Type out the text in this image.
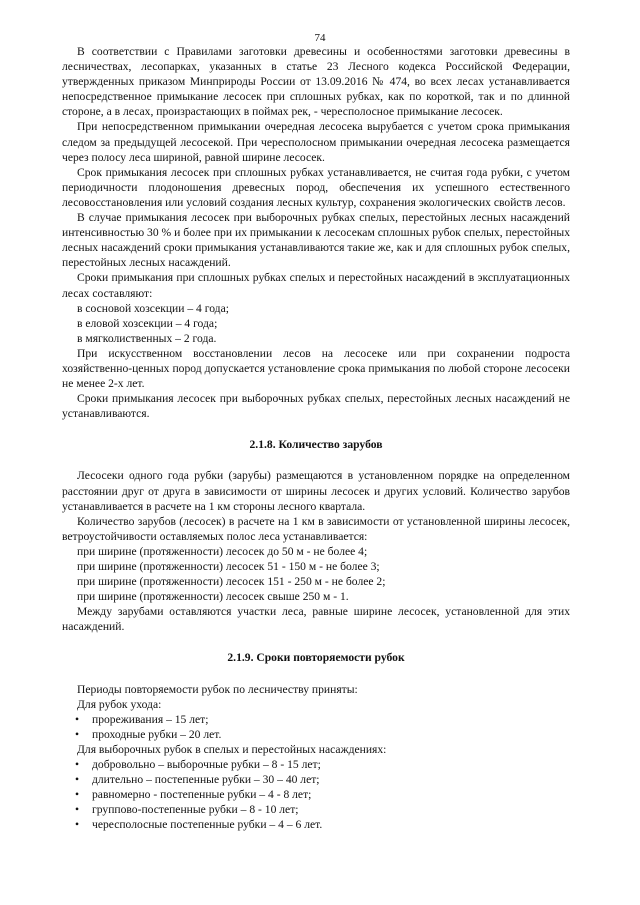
74

В соответствии с Правилами заготовки древесины и особенностями заготовки древесины в лесничествах, лесопарках, указанных в статье 23 Лесного кодекса Российской Федерации, утвержденных приказом Минприроды России от 13.09.2016 № 474, во всех лесах устанавливается непосредственное примыкание лесосек при сплошных рубках, как по короткой, так и по длинной стороне, а в лесах, произрастающих в поймах рек, - чересполосное примыкание лесосек.

При непосредственном примыкании очередная лесосека вырубается с учетом срока примыкания следом за предыдущей лесосекой. При чересполосном примыкании очередная лесосека размещается через полосу леса шириной, равной ширине лесосек.

Срок примыкания лесосек при сплошных рубках устанавливается, не считая года рубки, с учетом периодичности плодоношения древесных пород, обеспечения их успешного естественного лесовосстановления или условий создания лесных культур, сохранения экологических свойств лесов.

В случае примыкания лесосек при выборочных рубках спелых, перестойных лесных насаждений интенсивностью 30 % и более при их примыкании к лесосекам сплошных рубок спелых, перестойных лесных насаждений сроки примыкания устанавливаются такие же, как и для сплошных рубок спелых, перестойных лесных насаждений.

Сроки примыкания при сплошных рубках спелых и перестойных насаждений в эксплуатационных лесах составляют:

в сосновой хозсекции – 4 года;
в еловой хозсекции – 4 года;
в мягколиственных – 2 года.

При искусственном восстановлении лесов на лесосеке или при сохранении подроста хозяйственно-ценных пород допускается установление срока примыкания по любой стороне лесосеки не менее 2-х лет.

Сроки примыкания лесосек при выборочных рубках спелых, перестойных лесных насаждений не устанавливаются.

2.1.8. Количество зарубов

Лесосеки одного года рубки (зарубы) размещаются в установленном порядке на определенном расстоянии друг от друга в зависимости от ширины лесосек и других условий. Количество зарубов устанавливается в расчете на 1 км стороны лесного квартала.

Количество зарубов (лесосек) в расчете на 1 км в зависимости от установленной ширины лесосек, ветроустойчивости оставляемых полос леса устанавливается:

при ширине (протяженности) лесосек до 50 м - не более 4;
при ширине (протяженности) лесосек 51 - 150 м - не более 3;
при ширине (протяженности) лесосек 151 - 250 м - не более 2;
при ширине (протяженности) лесосек свыше 250 м - 1.

Между зарубами оставляются участки леса, равные ширине лесосек, установленной для этих насаждений.

2.1.9. Сроки повторяемости рубок

Периоды повторяемости рубок по лесничеству приняты:
Для рубок ухода:
• прореживания – 15 лет;
• проходные рубки – 20 лет.
Для выборочных рубок в спелых и перестойных насаждениях:
• добровольно – выборочные рубки – 8 - 15 лет;
• длительно – постепенные рубки – 30 – 40 лет;
• равномерно - постепенные рубки – 4 - 8 лет;
• группово-постепенные рубки – 8 - 10 лет;
• чересполосные постепенные рубки – 4 – 6 лет.
